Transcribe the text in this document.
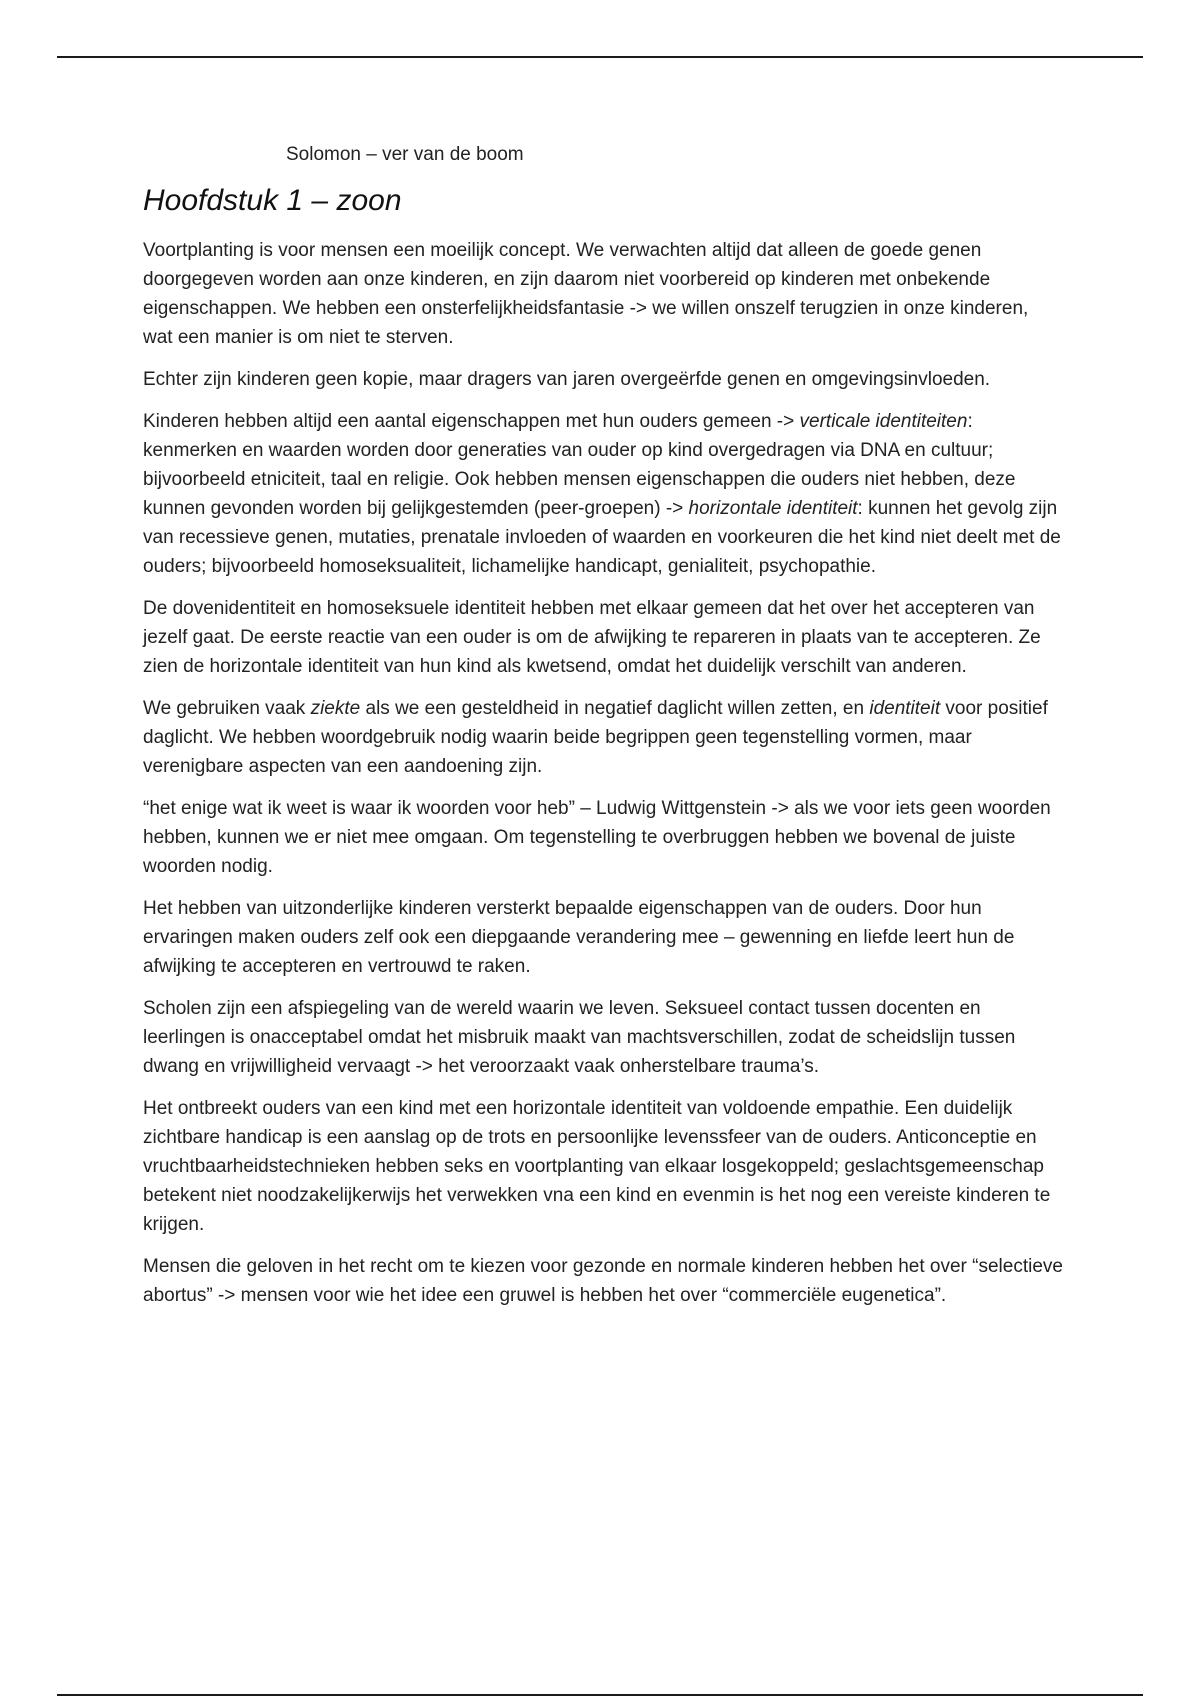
Solomon – ver van de boom
Hoofdstuk 1 – zoon

Voortplanting is voor mensen een moeilijk concept. We verwachten altijd dat alleen de goede genen doorgegeven worden aan onze kinderen, en zijn daarom niet voorbereid op kinderen met onbekende eigenschappen. We hebben een onsterfelijkheidsfantasie -> we willen onszelf terugzien in onze kinderen, wat een manier is om niet te sterven.

Echter zijn kinderen geen kopie, maar dragers van jaren overgeërfde genen en omgevingsinvloeden.

Kinderen hebben altijd een aantal eigenschappen met hun ouders gemeen -> verticale identiteiten: kenmerken en waarden worden door generaties van ouder op kind overgedragen via DNA en cultuur; bijvoorbeeld etniciteit, taal en religie. Ook hebben mensen eigenschappen die ouders niet hebben, deze kunnen gevonden worden bij gelijkgestemden (peer-groepen) -> horizontale identiteit: kunnen het gevolg zijn van recessieve genen, mutaties, prenatale invloeden of waarden en voorkeuren die het kind niet deelt met de ouders; bijvoorbeeld homoseksualiteit, lichamelijke handicapt, genialiteit, psychopathie.

De dovenidentiteit en homoseksuele identiteit hebben met elkaar gemeen dat het over het accepteren van jezelf gaat. De eerste reactie van een ouder is om de afwijking te repareren in plaats van te accepteren. Ze zien de horizontale identiteit van hun kind als kwetsend, omdat het duidelijk verschilt van anderen.

We gebruiken vaak ziekte als we een gesteldheid in negatief daglicht willen zetten, en identiteit voor positief daglicht. We hebben woordgebruik nodig waarin beide begrippen geen tegenstelling vormen, maar verenigbare aspecten van een aandoening zijn.

“het enige wat ik weet is waar ik woorden voor heb” – Ludwig Wittgenstein -> als we voor iets geen woorden hebben, kunnen we er niet mee omgaan. Om tegenstelling te overbruggen hebben we bovenal de juiste woorden nodig.

Het hebben van uitzonderlijke kinderen versterkt bepaalde eigenschappen van de ouders. Door hun ervaringen maken ouders zelf ook een diepgaande verandering mee – gewenning en liefde leert hun de afwijking te accepteren en vertrouwd te raken.

Scholen zijn een afspiegeling van de wereld waarin we leven. Seksueel contact tussen docenten en leerlingen is onacceptabel omdat het misbruik maakt van machtsverschillen, zodat de scheidslijn tussen dwang en vrijwilligheid vervaagt -> het veroorzaakt vaak onherstelbare trauma’s.

Het ontbreekt ouders van een kind met een horizontale identiteit van voldoende empathie. Een duidelijk zichtbare handicap is een aanslag op de trots en persoonlijke levenssfeer van de ouders. Anticonceptie en vruchtbaarheidstechnieken hebben seks en voortplanting van elkaar losgekoppeld; geslachtsgemeenschap betekent niet noodzakelijkerwijs het verwekken vna een kind en evenmin is het nog een vereiste kinderen te krijgen.

Mensen die geloven in het recht om te kiezen voor gezonde en normale kinderen hebben het over “selectieve abortus” -> mensen voor wie het idee een gruwel is hebben het over “commerciële eugenetica”.
